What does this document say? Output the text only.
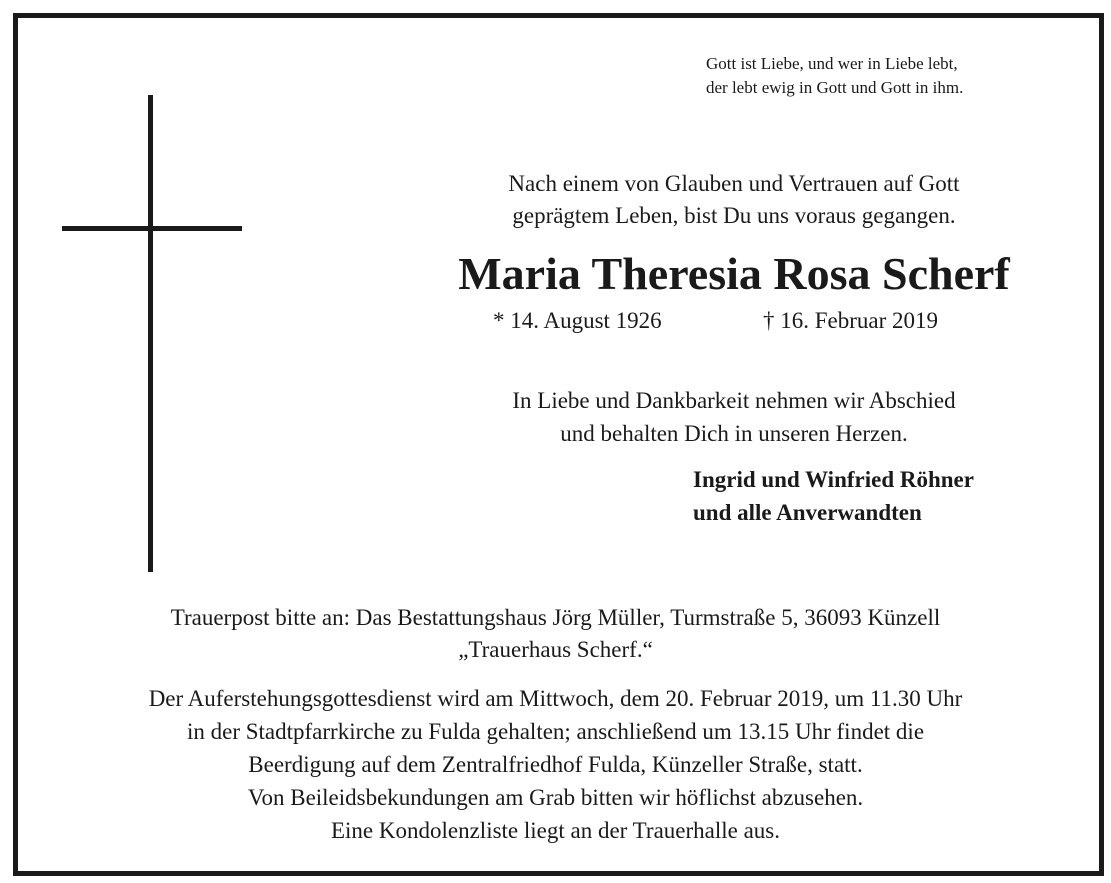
Gott ist Liebe, und wer in Liebe lebt,
der lebt ewig in Gott und Gott in ihm.
Nach einem von Glauben und Vertrauen auf Gott
geprägtem Leben, bist Du uns voraus gegangen.
Maria Theresia Rosa Scherf
* 14. August 1926	† 16. Februar 2019
In Liebe und Dankbarkeit nehmen wir Abschied
und behalten Dich in unseren Herzen.
Ingrid und Winfried Röhner
und alle Anverwandten
Trauerpost bitte an: Das Bestattungshaus Jörg Müller, Turmstraße 5, 36093 Künzell
„Trauerhaus Scherf.“
Der Auferstehungsgottesdienst wird am Mittwoch, dem 20. Februar 2019, um 11.30 Uhr
in der Stadtpfarrkirche zu Fulda gehalten; anschließend um 13.15 Uhr findet die
Beerdigung auf dem Zentralfriedhof Fulda, Künzeller Straße, statt.
Von Beileidsbekundungen am Grab bitten wir höflichst abzusehen.
Eine Kondolenzliste liegt an der Trauerhalle aus.
